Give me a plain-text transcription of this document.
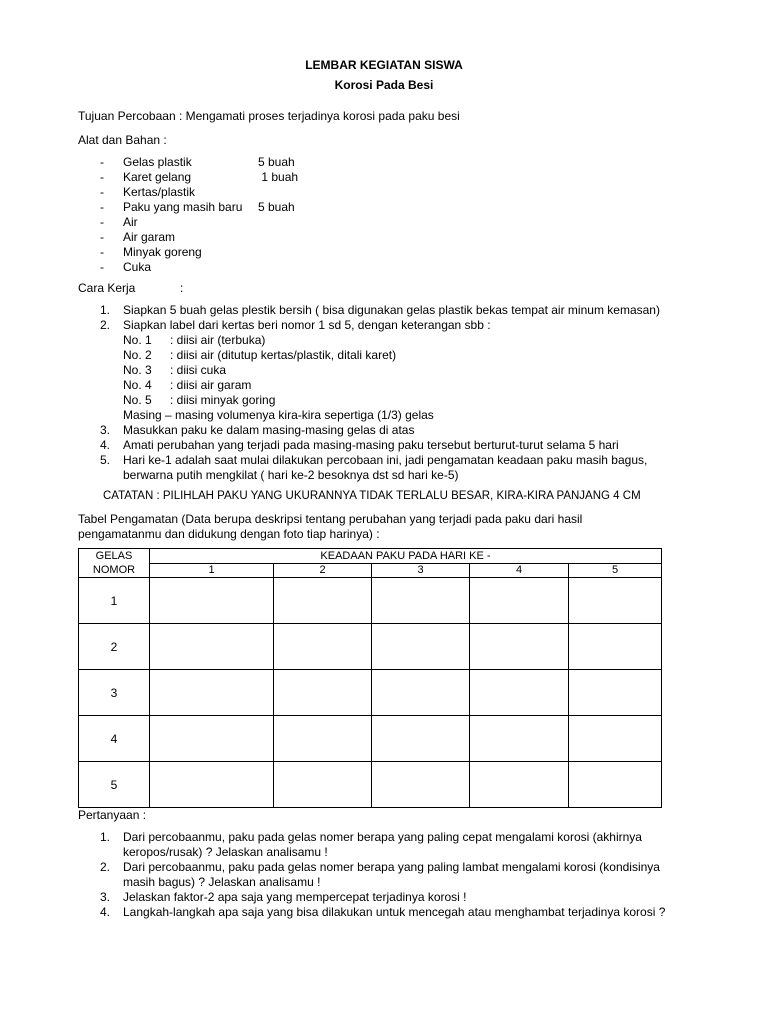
LEMBAR KEGIATAN SISWA
Korosi Pada Besi
Tujuan Percobaan : Mengamati proses terjadinya korosi pada paku besi
Alat dan Bahan :
- Gelas plastik	5 buah
- Karet gelang	1 buah
- Kertas/plastik
- Paku yang masih baru 5 buah
- Air
- Air garam
- Minyak goreng
- Cuka
Cara Kerja	:
1. Siapkan 5 buah gelas plestik bersih ( bisa digunakan gelas plastik bekas tempat air minum kemasan)
2. Siapkan label dari kertas beri nomor 1 sd 5, dengan keterangan sbb :
No. 1 : diisi air (terbuka)
No. 2 : diisi air (ditutup kertas/plastik, ditali karet)
No. 3 : diisi cuka
No. 4 : diisi air garam
No. 5 : diisi minyak goring
Masing – masing volumenya kira-kira sepertiga (1/3) gelas
3. Masukkan paku ke dalam masing-masing gelas di atas
4. Amati perubahan yang terjadi pada masing-masing paku tersebut berturut-turut selama 5 hari
5. Hari ke-1 adalah saat mulai dilakukan percobaan ini, jadi pengamatan keadaan paku masih bagus,
berwarna putih mengkilat ( hari ke-2 besoknya dst sd hari ke-5)
CATATAN : PILIHLAH PAKU YANG UKURANNYA TIDAK TERLALU BESAR, KIRA-KIRA PANJANG 4 CM
Tabel Pengamatan (Data berupa deskripsi tentang perubahan yang terjadi pada paku dari hasil
pengamatanmu dan didukung dengan foto tiap harinya) :
GELAS
NOMOR	KEADAAN PAKU PADA HARI KE -				
	1	2	3	4	5
1					
2					
3					
4					
5					
Pertanyaan :
1. Dari percobaanmu, paku pada gelas nomer berapa yang paling cepat mengalami korosi (akhirnya
keropos/rusak) ? Jelaskan analisamu !
2. Dari percobaanmu, paku pada gelas nomer berapa yang paling lambat mengalami korosi (kondisinya
masih bagus) ? Jelaskan analisamu !
3. Jelaskan faktor-2 apa saja yang mempercepat terjadinya korosi !
4. Langkah-langkah apa saja yang bisa dilakukan untuk mencegah atau menghambat terjadinya korosi ?
